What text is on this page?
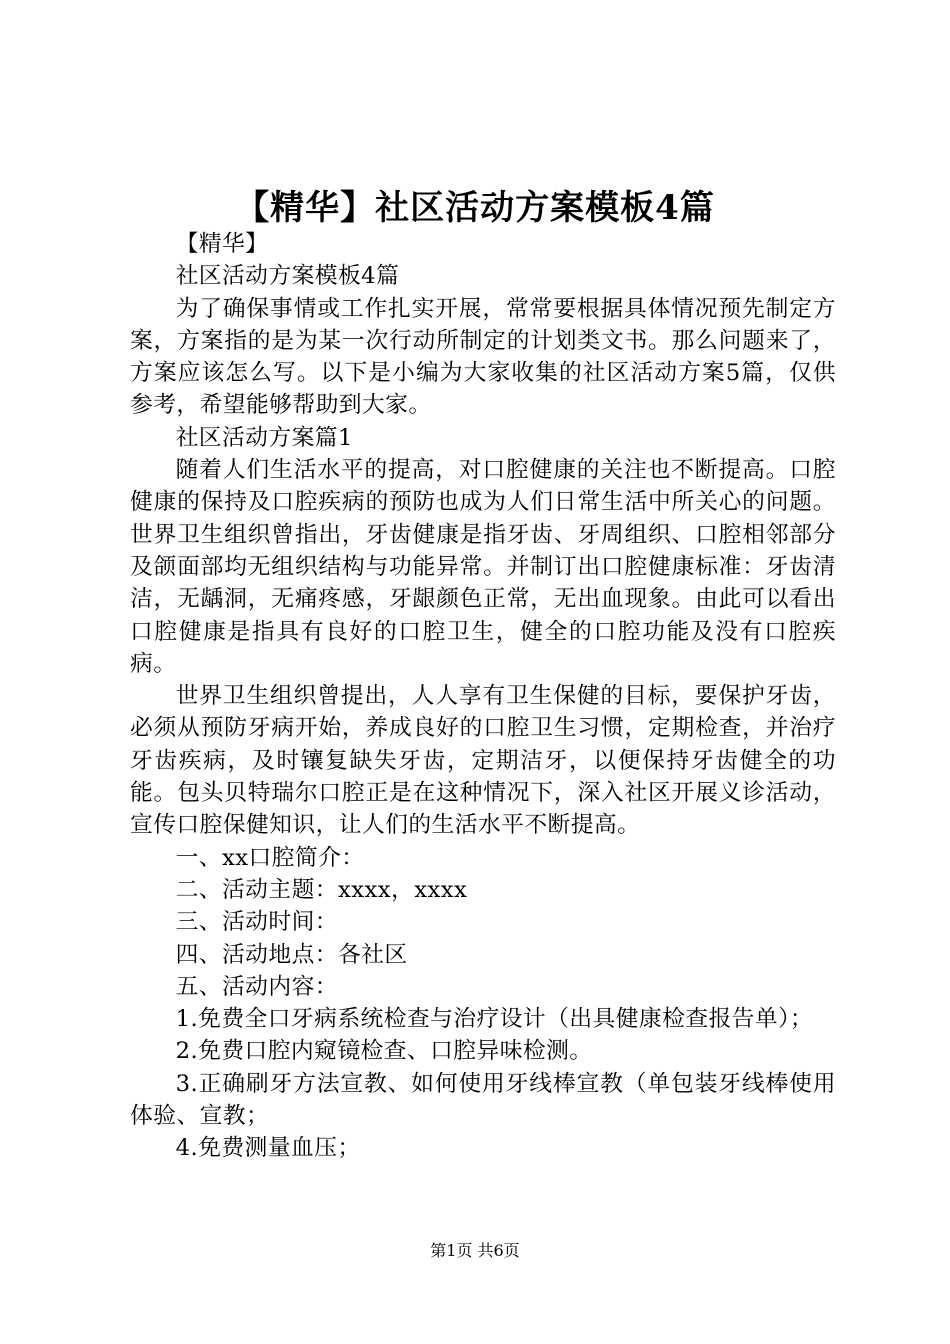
【精华】社区活动方案模板4篇

【精华】

社区活动方案模板4篇

为了确保事情或工作扎实开展，常常要根据具体情况预先制定方案，方案指的是为某一次行动所制定的计划类文书。那么问题来了，方案应该怎么写。以下是小编为大家收集的社区活动方案5篇，仅供参考，希望能够帮助到大家。

社区活动方案篇1

随着人们生活水平的提高，对口腔健康的关注也不断提高。口腔健康的保持及口腔疾病的预防也成为人们日常生活中所关心的问题。世界卫生组织曾指出，牙齿健康是指牙齿、牙周组织、口腔相邻部分及颌面部均无组织结构与功能异常。并制订出口腔健康标准：牙齿清洁，无龋洞，无痛疼感，牙龈颜色正常，无出血现象。由此可以看出口腔健康是指具有良好的口腔卫生，健全的口腔功能及没有口腔疾病。

世界卫生组织曾提出，人人享有卫生保健的目标，要保护牙齿，必须从预防牙病开始，养成良好的口腔卫生习惯，定期检查，并治疗牙齿疾病，及时镶复缺失牙齿，定期洁牙，以便保持牙齿健全的功能。包头贝特瑞尔口腔正是在这种情况下，深入社区开展义诊活动，宣传口腔保健知识，让人们的生活水平不断提高。

一、xx口腔简介：

二、活动主题：xxxx，xxxx

三、活动时间：

四、活动地点：各社区

五、活动内容：

1.免费全口牙病系统检查与治疗设计（出具健康检查报告单）；

2.免费口腔内窥镜检查、口腔异味检测。

3.正确刷牙方法宣教、如何使用牙线棒宣教（单包装牙线棒使用体验、宣教；

4.免费测量血压；

第1页 共6页
